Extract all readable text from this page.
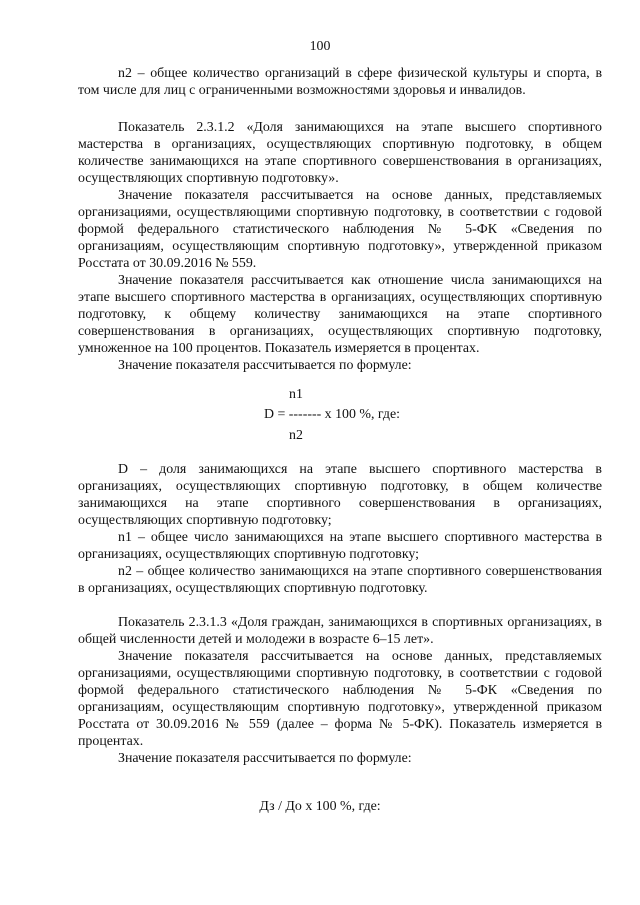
100

n2 – общее количество организаций в сфере физической культуры и спорта, в том числе для лиц с ограниченными возможностями здоровья и инвалидов.

Показатель 2.3.1.2 «Доля занимающихся на этапе высшего спортивного мастерства в организациях, осуществляющих спортивную подготовку, в общем количестве занимающихся на этапе спортивного совершенствования в организациях, осуществляющих спортивную подготовку».

Значение показателя рассчитывается на основе данных, представляемых организациями, осуществляющими спортивную подготовку, в соответствии с годовой формой федерального статистического наблюдения № 5-ФК «Сведения по организациям, осуществляющим спортивную подготовку», утвержденной приказом Росстата от 30.09.2016 № 559.

Значение показателя рассчитывается как отношение числа занимающихся на этапе высшего спортивного мастерства в организациях, осуществляющих спортивную подготовку, к общему количеству занимающихся на этапе спортивного совершенствования в организациях, осуществляющих спортивную подготовку, умноженное на 100 процентов. Показатель измеряется в процентах.

Значение показателя рассчитывается по формуле:

n1
D = ------- х 100 %, где:
n2

D – доля занимающихся на этапе высшего спортивного мастерства в организациях, осуществляющих спортивную подготовку, в общем количестве занимающихся на этапе спортивного совершенствования в организациях, осуществляющих спортивную подготовку;

n1 – общее число занимающихся на этапе высшего спортивного мастерства в организациях, осуществляющих спортивную подготовку;

n2 – общее количество занимающихся на этапе спортивного совершенствования в организациях, осуществляющих спортивную подготовку.

Показатель 2.3.1.3 «Доля граждан, занимающихся в спортивных организациях, в общей численности детей и молодежи в возрасте 6–15 лет».

Значение показателя рассчитывается на основе данных, представляемых организациями, осуществляющими спортивную подготовку, в соответствии с годовой формой федерального статистического наблюдения № 5-ФК «Сведения по организациям, осуществляющим спортивную подготовку», утвержденной приказом Росстата от 30.09.2016 № 559 (далее – форма № 5-ФК). Показатель измеряется в процентах.

Значение показателя рассчитывается по формуле:

Дз / До х 100 %, где:
